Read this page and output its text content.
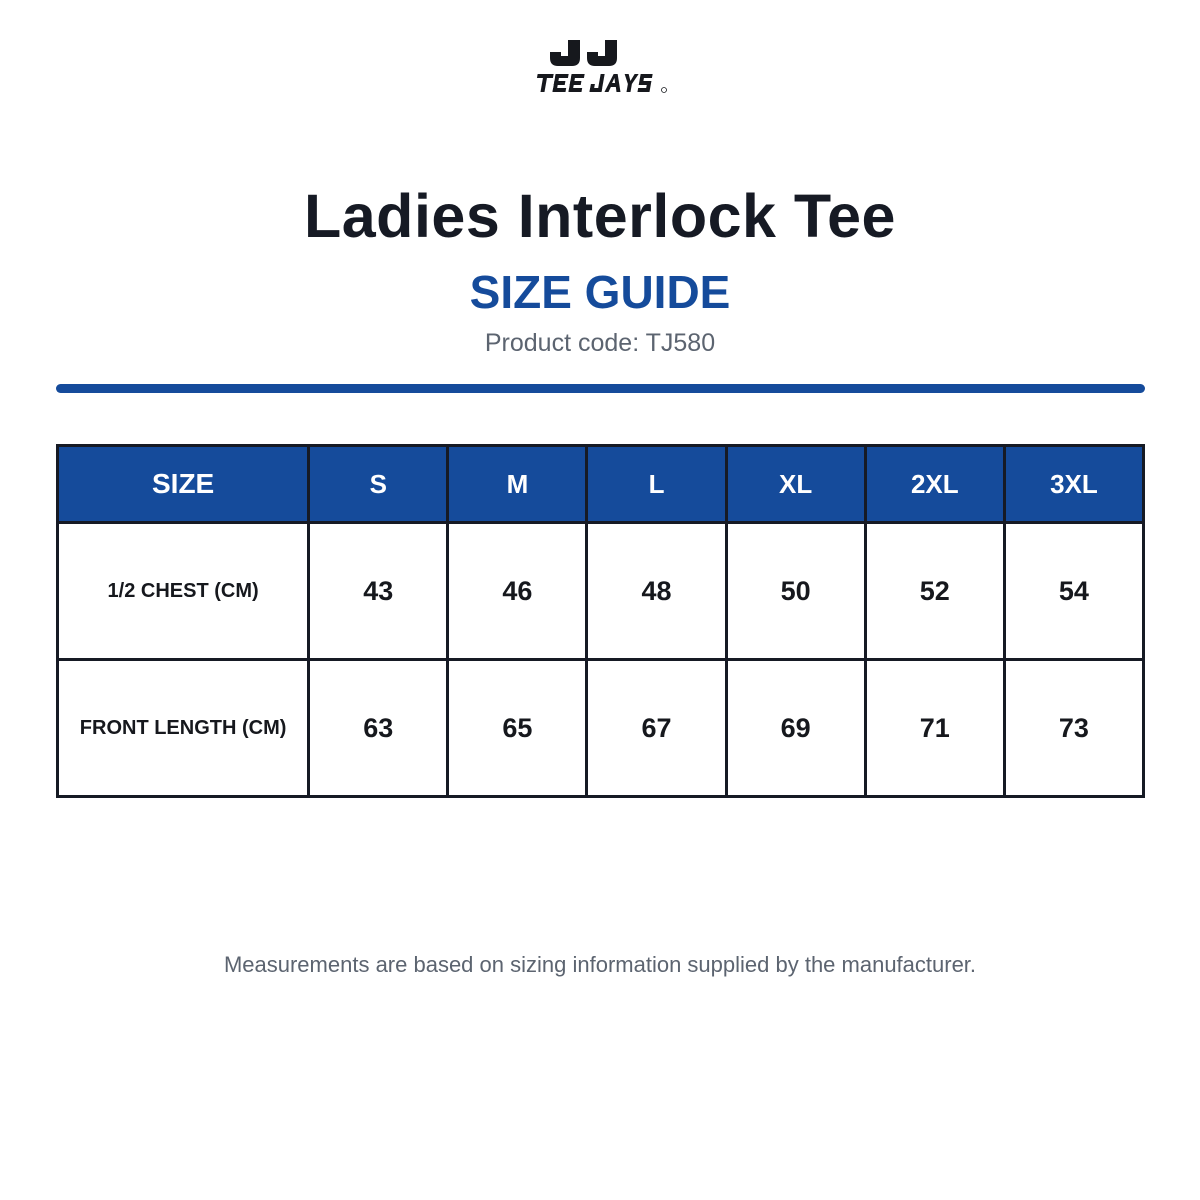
Ladies Interlock Tee
SIZE GUIDE
Product code: TJ580
SIZE	S	M	L	XL	2XL	3XL
1/2 CHEST (CM)	43	46	48	50	52	54
FRONT LENGTH (CM)	63	65	67	69	71	73
Measurements are based on sizing information supplied by the manufacturer.
